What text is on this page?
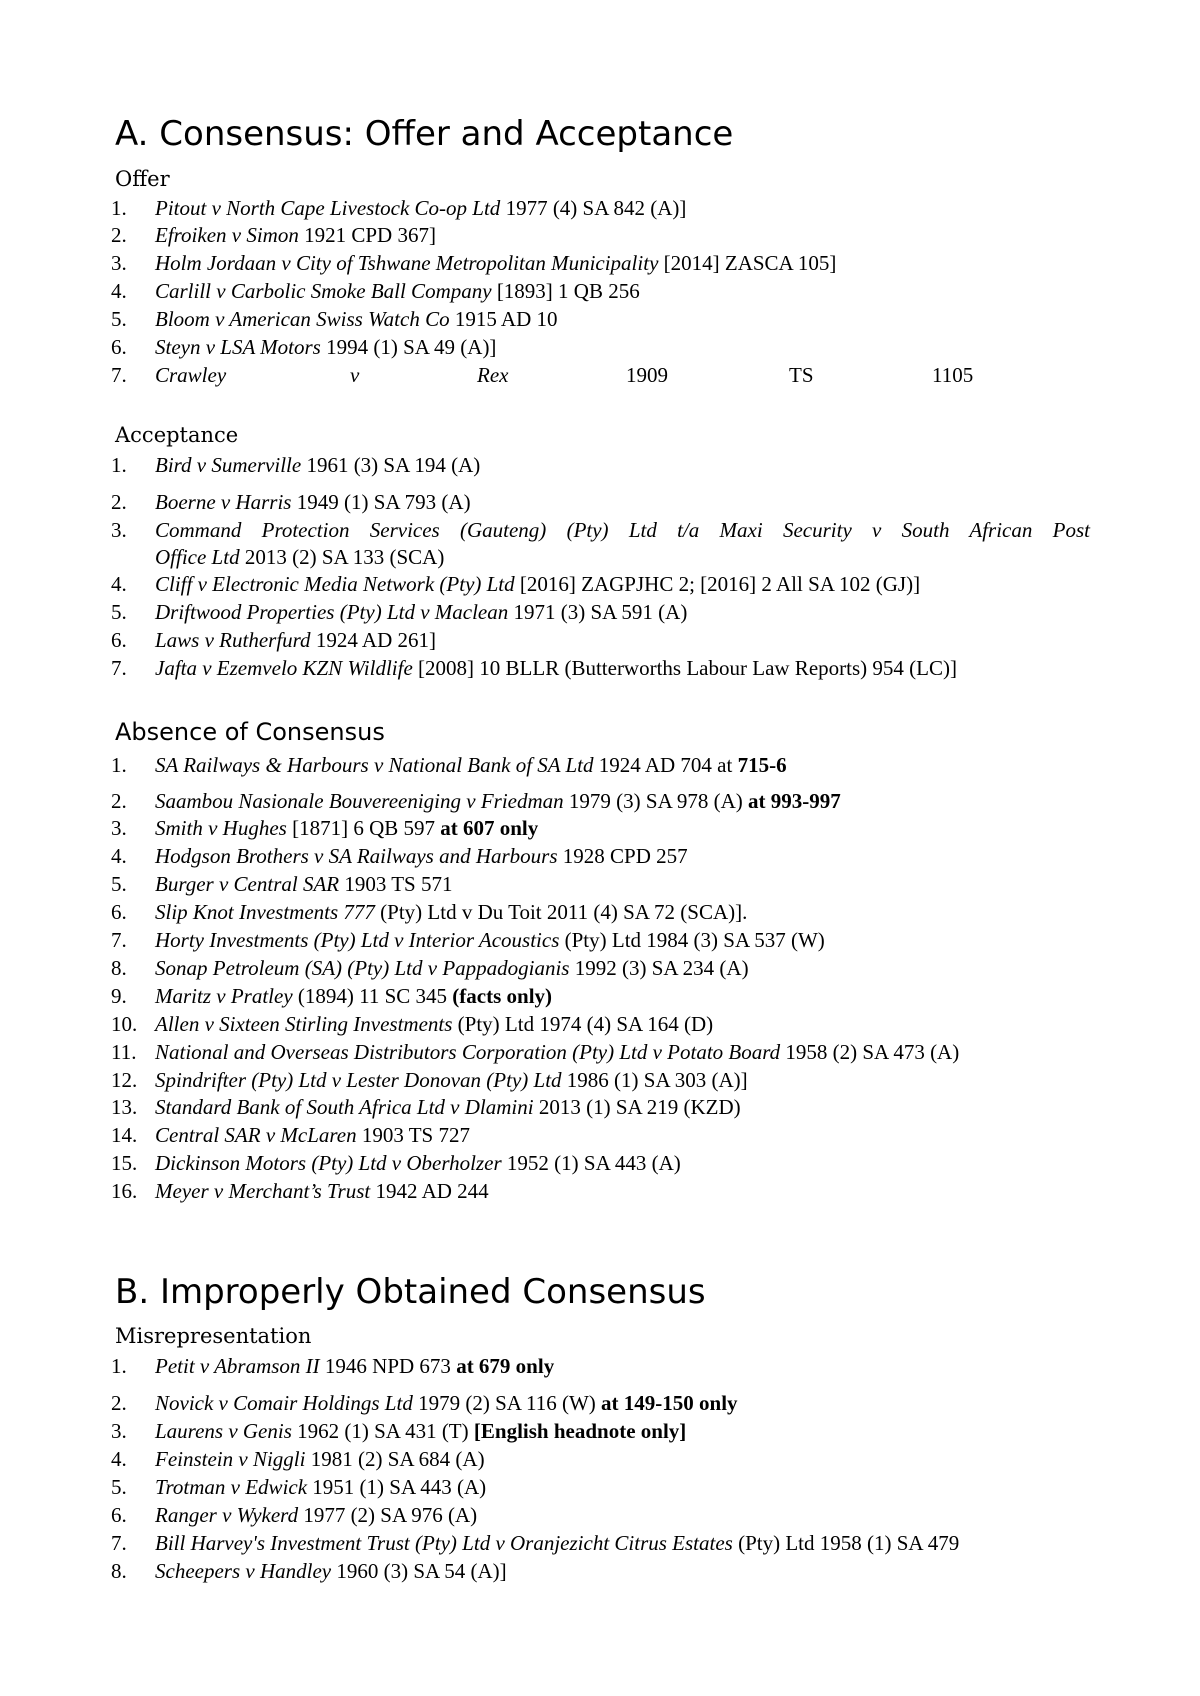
A. Consensus: Offer and Acceptance
Offer
1.	Pitout v North Cape Livestock Co-op Ltd 1977 (4) SA 842 (A)]
2.	Efroiken v Simon 1921 CPD 367]
3.	Holm Jordaan v City of Tshwane Metropolitan Municipality [2014] ZASCA 105]
4.	Carlill v Carbolic Smoke Ball Company [1893] 1 QB 256
5.	Bloom v American Swiss Watch Co 1915 AD 10
6.	Steyn v LSA Motors 1994 (1) SA 49 (A)]
7.	Crawley	v	Rex	1909	TS	1105
Acceptance
1.	Bird v Sumerville 1961 (3) SA 194 (A)
2.	Boerne v Harris 1949 (1) SA 793 (A)
3.	Command Protection Services (Gauteng) (Pty) Ltd t/a Maxi Security v South African Post
Office Ltd 2013 (2) SA 133 (SCA)
4.	Cliff v Electronic Media Network (Pty) Ltd [2016] ZAGPJHC 2; [2016] 2 All SA 102 (GJ)]
5.	Driftwood Properties (Pty) Ltd v Maclean 1971 (3) SA 591 (A)
6.	Laws v Rutherfurd 1924 AD 261]
7.	Jafta v Ezemvelo KZN Wildlife [2008] 10 BLLR (Butterworths Labour Law Reports) 954 (LC)]
Absence of Consensus
1.	SA Railways & Harbours v National Bank of SA Ltd 1924 AD 704 at 715-6
2.	Saambou Nasionale Bouvereeniging v Friedman 1979 (3) SA 978 (A) at 993-997
3.	Smith v Hughes [1871] 6 QB 597 at 607 only
4.	Hodgson Brothers v SA Railways and Harbours 1928 CPD 257
5.	Burger v Central SAR 1903 TS 571
6.	Slip Knot Investments 777 (Pty) Ltd v Du Toit 2011 (4) SA 72 (SCA)].
7.	Horty Investments (Pty) Ltd v Interior Acoustics (Pty) Ltd 1984 (3) SA 537 (W)
8.	Sonap Petroleum (SA) (Pty) Ltd v Pappadogianis 1992 (3) SA 234 (A)
9.	Maritz v Pratley (1894) 11 SC 345 (facts only)
10. Allen v Sixteen Stirling Investments (Pty) Ltd 1974 (4) SA 164 (D)
11. National and Overseas Distributors Corporation (Pty) Ltd v Potato Board 1958 (2) SA 473 (A)
12. Spindrifter (Pty) Ltd v Lester Donovan (Pty) Ltd 1986 (1) SA 303 (A)]
13. Standard Bank of South Africa Ltd v Dlamini 2013 (1) SA 219 (KZD)
14. Central SAR v McLaren 1903 TS 727
15. Dickinson Motors (Pty) Ltd v Oberholzer 1952 (1) SA 443 (A)
16. Meyer v Merchant’s Trust 1942 AD 244
B. Improperly Obtained Consensus
Misrepresentation
1.	Petit v Abramson II 1946 NPD 673 at 679 only
2.	Novick v Comair Holdings Ltd 1979 (2) SA 116 (W) at 149-150 only
3.	Laurens v Genis 1962 (1) SA 431 (T) [English headnote only]
4.	Feinstein v Niggli 1981 (2) SA 684 (A)
5.	Trotman v Edwick 1951 (1) SA 443 (A)
6.	Ranger v Wykerd 1977 (2) SA 976 (A)
7.	Bill Harvey's Investment Trust (Pty) Ltd v Oranjezicht Citrus Estates (Pty) Ltd 1958 (1) SA 479
8.	Scheepers v Handley 1960 (3) SA 54 (A)]
